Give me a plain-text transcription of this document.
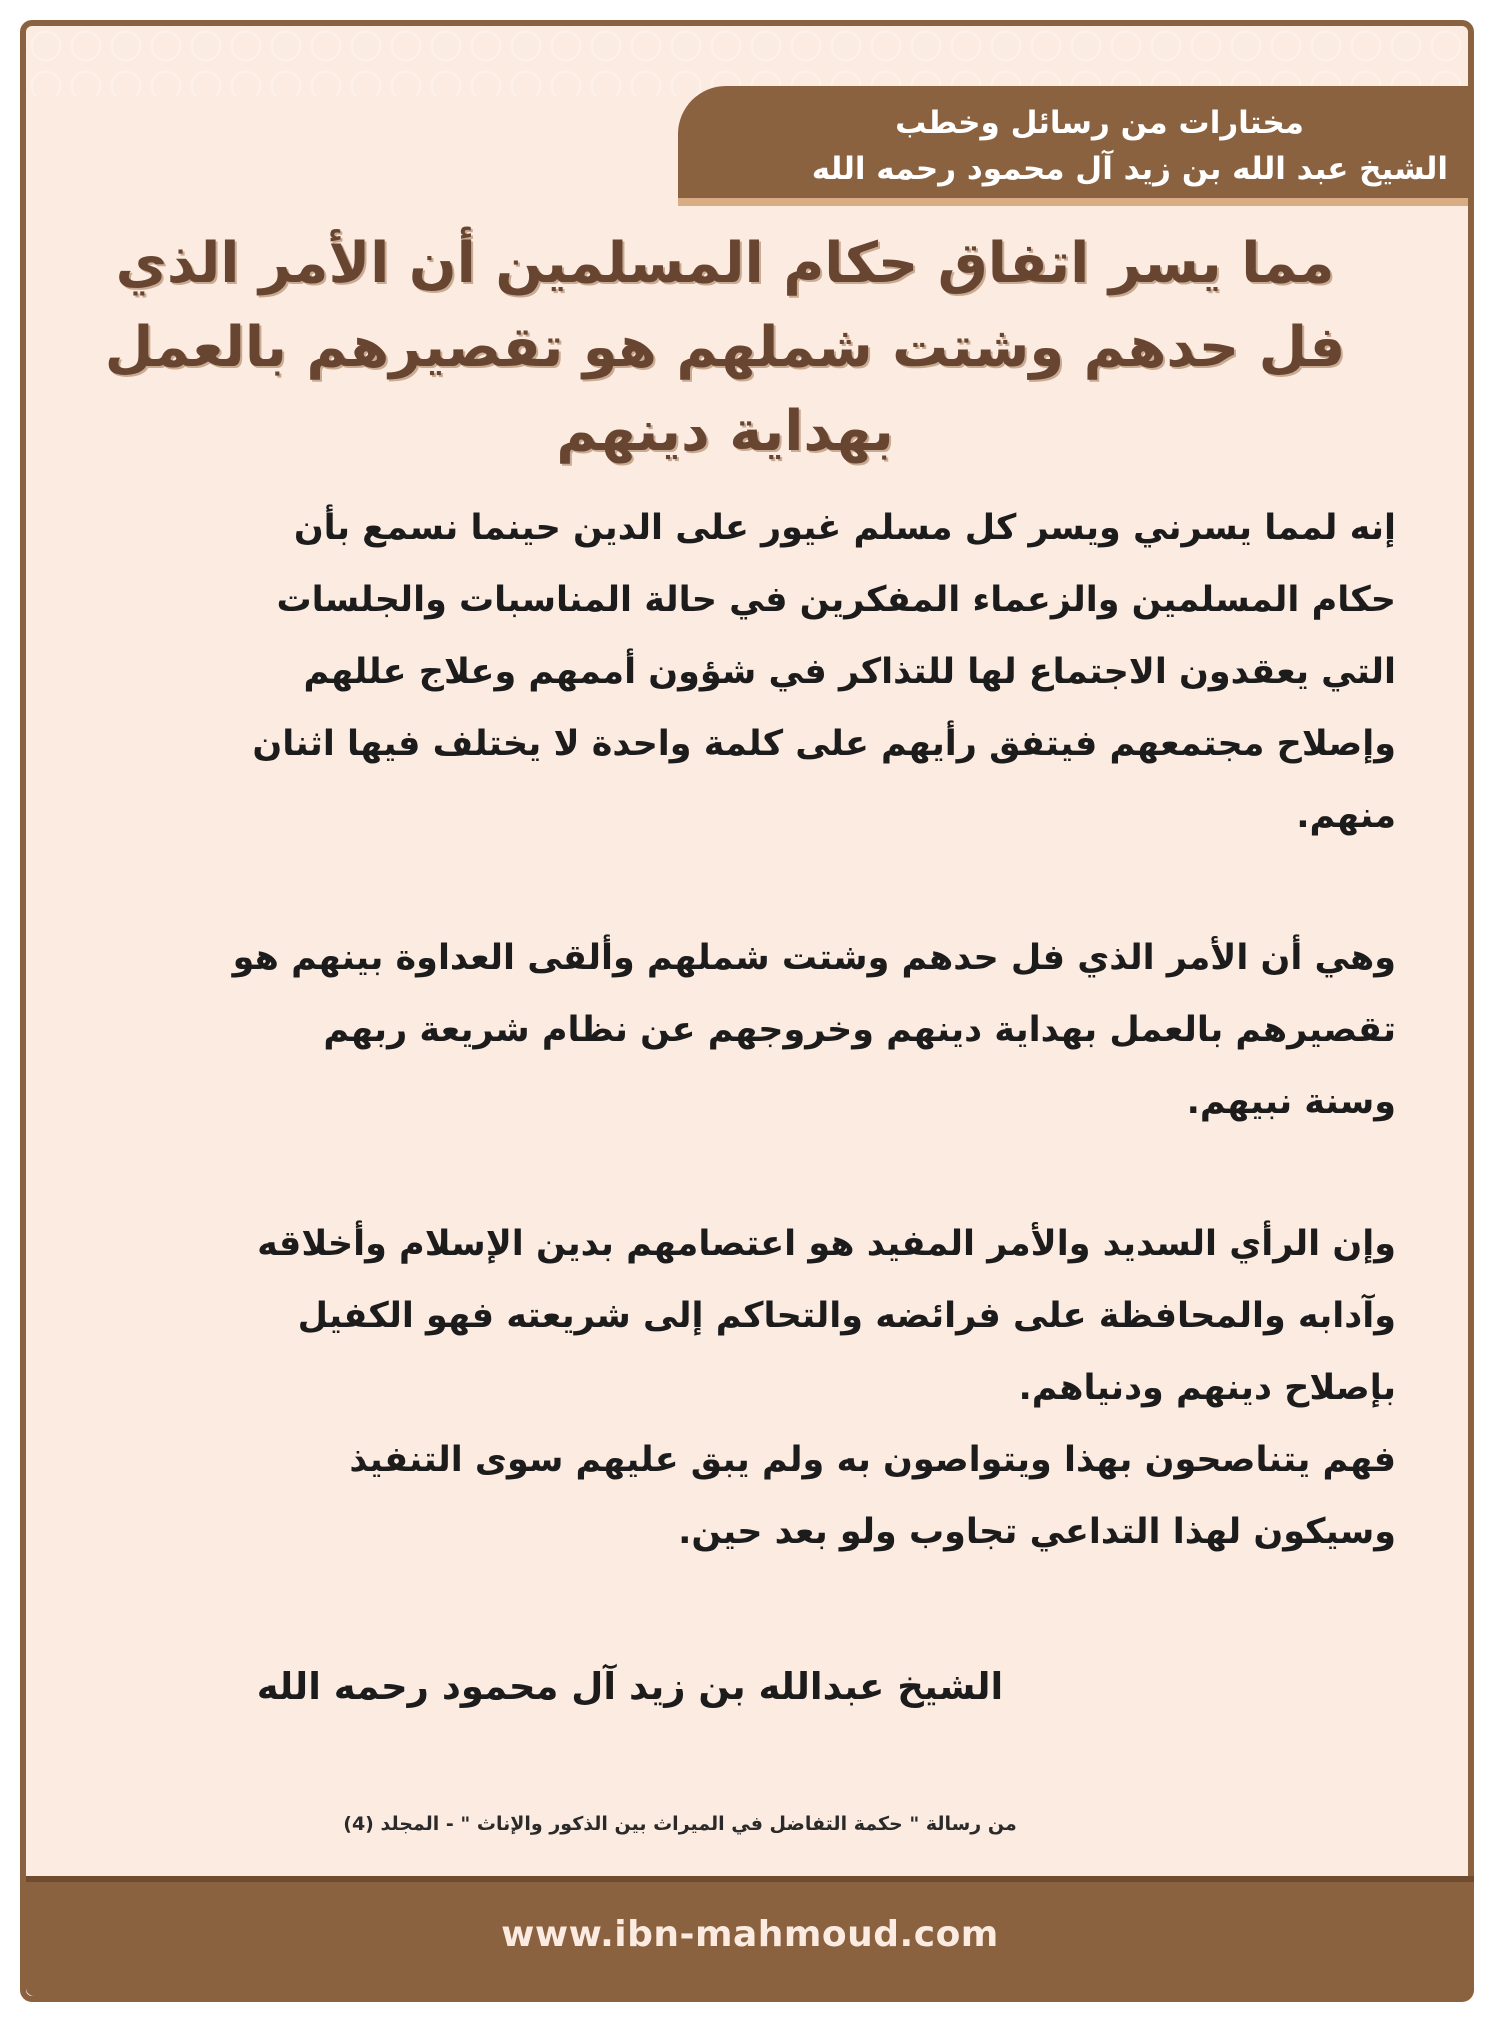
مختارات من رسائل وخطب
الشيخ عبد الله بن زيد آل محمود رحمه الله
مما يسر اتفاق حكام المسلمين أن الأمر الذي
فل حدهم وشتت شملهم هو تقصيرهم بالعمل
بهداية دينهم
إنه لمما يسرني ويسر كل مسلم غيور على الدين حينما نسمع بأن
حكام المسلمين والزعماء المفكرين في حالة المناسبات والجلسات
التي يعقدون الاجتماع لها للتذاكر في شؤون أممهم وعلاج عللهم
وإصلاح مجتمعهم فيتفق رأيهم على كلمة واحدة لا يختلف فيها اثنان
منهم.
وهي أن الأمر الذي فل حدهم وشتت شملهم وألقى العداوة بينهم هو
تقصيرهم بالعمل بهداية دينهم وخروجهم عن نظام شريعة ربهم
وسنة نبيهم.
وإن الرأي السديد والأمر المفيد هو اعتصامهم بدين الإسلام وأخلاقه
وآدابه والمحافظة على فرائضه والتحاكم إلى شريعته فهو الكفيل
بإصلاح دينهم ودنياهم.
فهم يتناصحون بهذا ويتواصون به ولم يبق عليهم سوى التنفيذ
وسيكون لهذا التداعي تجاوب ولو بعد حين.
الشيخ عبدالله بن زيد آل محمود رحمه الله
من رسالة " حكمة التفاضل في الميراث بين الذكور والإناث " - المجلد (4)
www.ibn-mahmoud.com
